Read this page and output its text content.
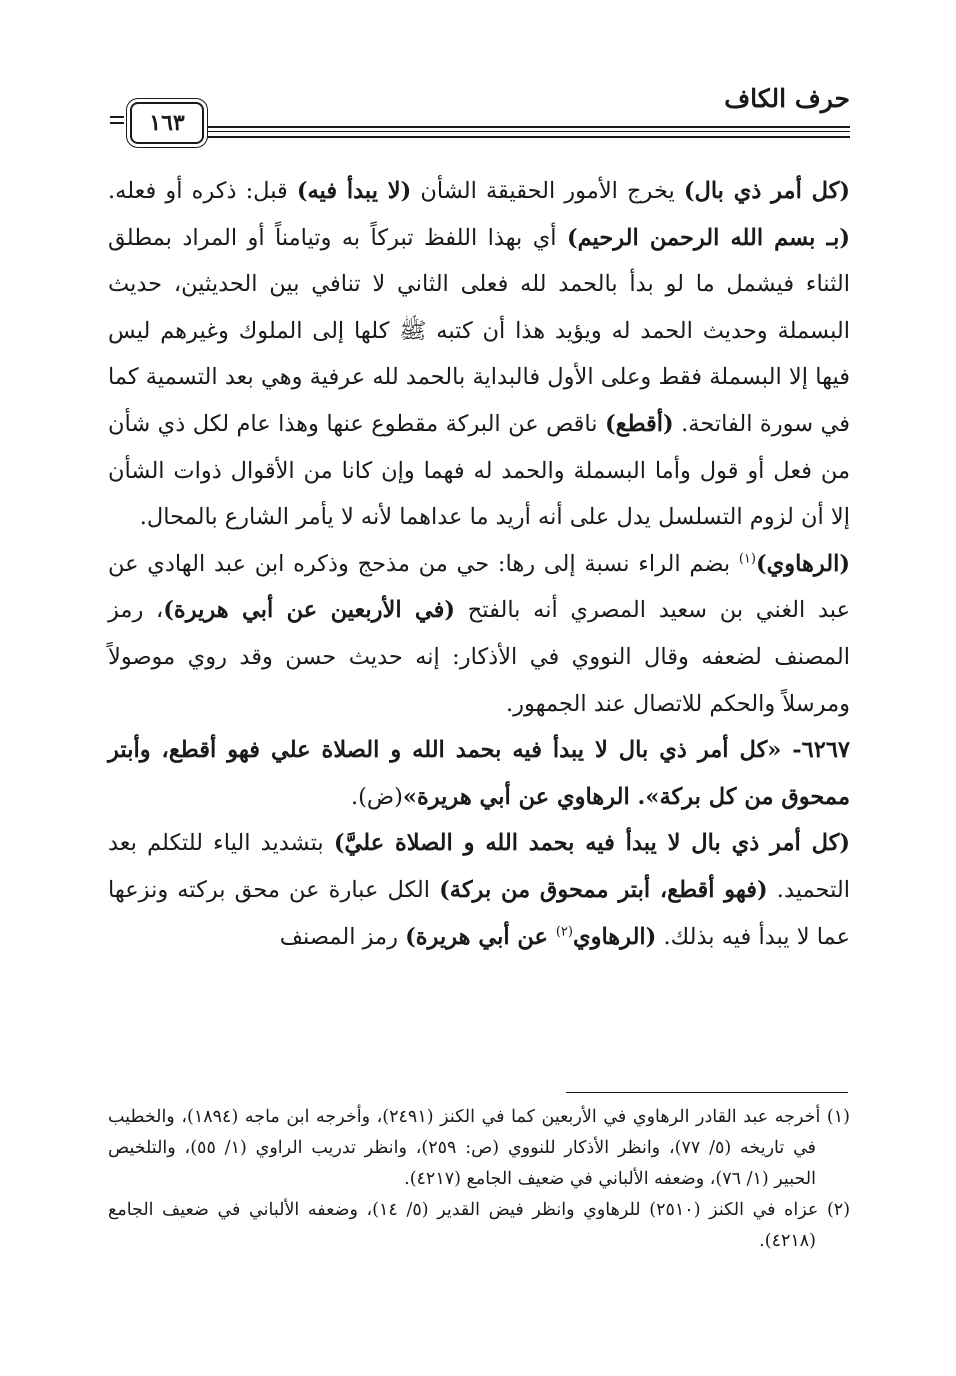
حرف الكاف
١٦٣

(كل أمر ذي بال) يخرج الأمور الحقيقة الشأن (لا يبدأ فيه) قبل: ذكره أو فعله. (بـ بسم الله الرحمن الرحيم) أي بهذا اللفظ تبركاً به وتيامناً أو المراد بمطلق الثناء فيشمل ما لو بدأ بالحمد لله فعلى الثاني لا تنافي بين الحديثين، حديث البسملة وحديث الحمد له ويؤيد هذا أن كتبه ﷺ كلها إلى الملوك وغيرهم ليس فيها إلا البسملة فقط وعلى الأول فالبداية بالحمد لله عرفية وهي بعد التسمية كما في سورة الفاتحة. (أقطع) ناقص عن البركة مقطوع عنها وهذا عام لكل ذي شأن من فعل أو قول وأما البسملة والحمد له فهما وإن كانا من الأقوال ذوات الشأن إلا أن لزوم التسلسل يدل على أنه أريد ما عداهما لأنه لا يأمر الشارع بالمحال.

(الرهاوي)$^{(١)}$ بضم الراء نسبة إلى رها: حي من مذحج وذكره ابن عبد الهادي عن عبد الغني بن سعيد المصري أنه بالفتح (في الأربعين عن أبي هريرة)، رمز المصنف لضعفه وقال النووي في الأذكار: إنه حديث حسن وقد روي موصولاً ومرسلاً والحكم للاتصال عند الجمهور.

٦٢٦٧- «كل أمر ذي بال لا يبدأ فيه بحمد الله و الصلاة علي فهو أقطع، وأبتر ممحوق من كل بركة». الرهاوي عن أبي هريرة»(ض).

(كل أمر ذي بال لا يبدأ فيه بحمد الله و الصلاة عليَّ) بتشديد الياء للتكلم بعد التحميد. (فهو أقطع، أبتر ممحوق من بركة) الكل عبارة عن محق بركته ونزعها عما لا يبدأ فيه بذلك. (الرهاوي$^{(٢)}$ عن أبي هريرة) رمز المصنف

(١) أخرجه عبد القادر الرهاوي في الأربعين كما في الكنز (٢٤٩١)، وأخرجه ابن ماجه (١٨٩٤)، والخطيب في تاريخه (٥/ ٧٧)، وانظر الأذكار للنووي (ص: ٢٥٩)، وانظر تدريب الراوي (١/ ٥٥)، والتلخيص الحبير (١/ ٧٦)، وضعفه الألباني في ضعيف الجامع (٤٢١٧).

(٢) عزاه في الكنز (٢٥١٠) للرهاوي وانظر فيض القدير (٥/ ١٤)، وضعفه الألباني في ضعيف الجامع (٤٢١٨).
